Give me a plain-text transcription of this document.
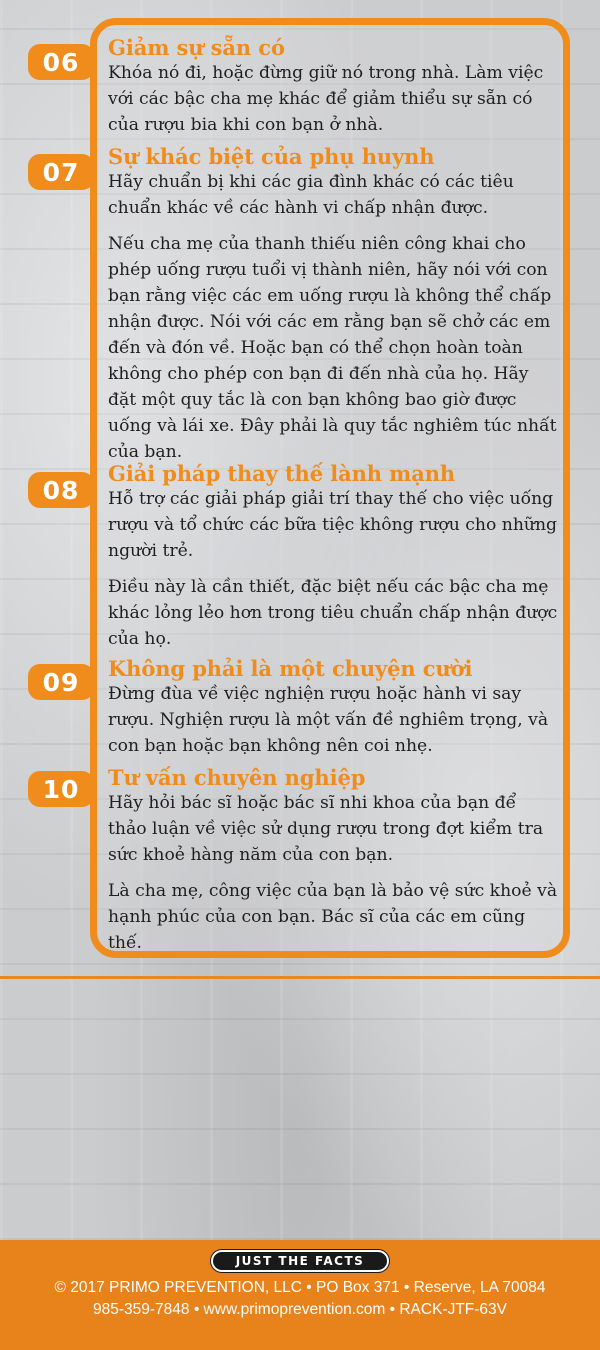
06	Giảm sự sẵn có

Khóa nó đi, hoặc đừng giữ nó trong nhà. Làm việc với các bậc cha mẹ khác để giảm thiểu sự sẵn có của rượu bia khi con bạn ở nhà.

07
Sự khác biệt của phụ huynh

Hãy chuẩn bị khi các gia đình khác có các tiêu chuẩn khác về các hành vi chấp nhận được.

Nếu cha mẹ của thanh thiếu niên công khai cho phép uống rượu tuổi vị thành niên, hãy nói với con bạn rằng việc các em uống rượu là không thể chấp nhận được. Nói với các em rằng bạn sẽ chở các em đến và đón về. Hoặc bạn có thể chọn hoàn toàn không cho phép con bạn đi đến nhà của họ. Hãy đặt một quy tắc là con bạn không bao giờ được uống và lái xe. Đây phải là quy tắc nghiêm túc nhất của bạn.

08
Giải pháp thay thế lành mạnh

Hỗ trợ các giải pháp giải trí thay thế cho việc uống rượu và tổ chức các bữa tiệc không rượu cho những người trẻ.

Điều này là cần thiết, đặc biệt nếu các bậc cha mẹ khác lỏng lẻo hơn trong tiêu chuẩn chấp nhận được của họ.

09	Không phải là một chuyện cười

Đừng đùa về việc nghiện rượu hoặc hành vi say rượu. Nghiện rượu là một vấn đề nghiêm trọng, và con bạn hoặc bạn không nên coi nhẹ.

10	Tư vấn chuyên nghiệp

Hãy hỏi bác sĩ hoặc bác sĩ nhi khoa của bạn để thảo luận về việc sử dụng rượu trong đợt kiểm tra sức khoẻ hàng năm của con bạn.

Là cha mẹ, công việc của bạn là bảo vệ sức khoẻ và hạnh phúc của con bạn. Bác sĩ của các em cũng thế.

JUST THE FACTS
© 2017 PRIMO PREVENTION, LLC • PO Box 371 • Reserve, LA 70084
985-359-7848 • www.primoprevention.com • RACK-JTF-63V
